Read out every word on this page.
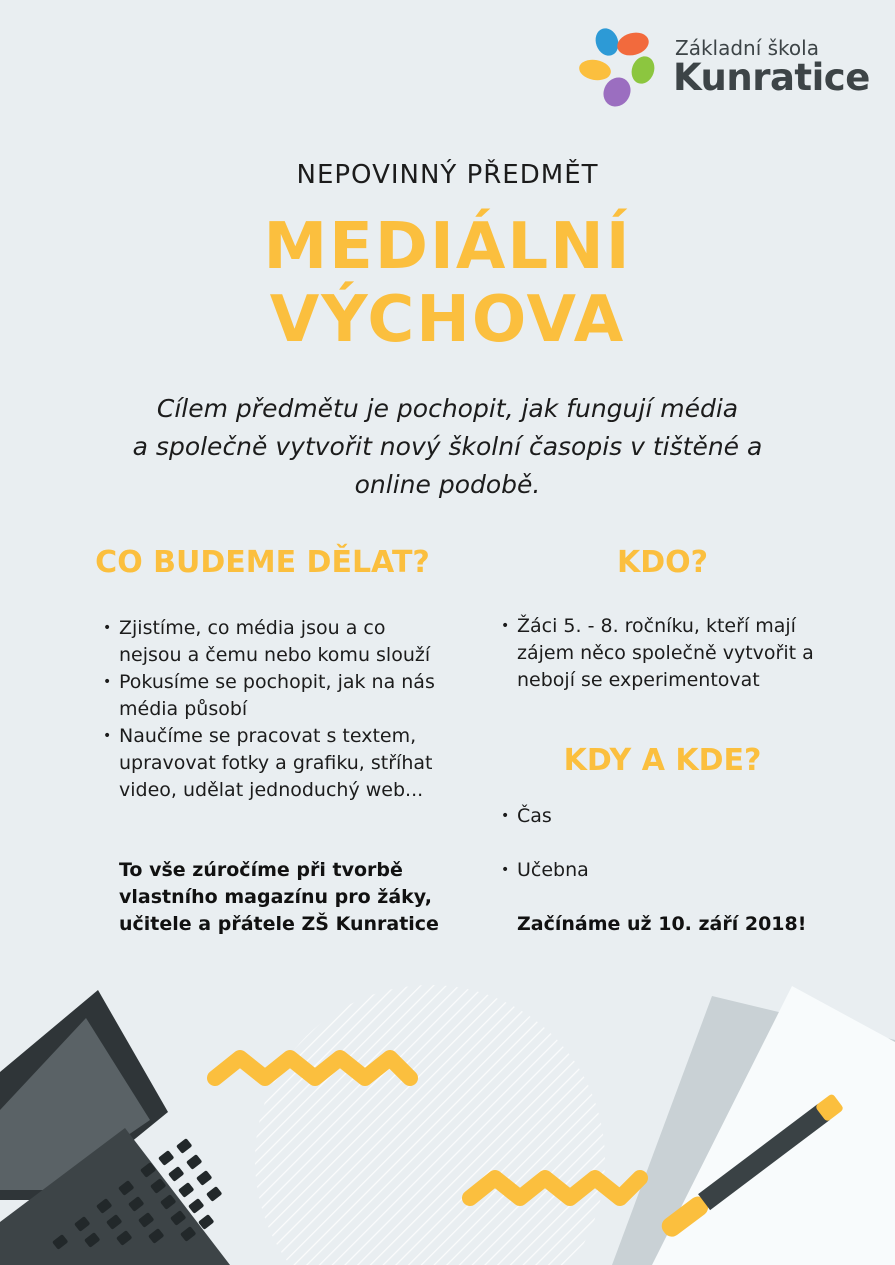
Základní škola
Kunratice
NEPOVINNÝ PŘEDMĚT
MEDIÁLNÍ
VÝCHOVA
Cílem předmětu je pochopit, jak fungují média
a společně vytvořit nový školní časopis v tištěné a
online podobě.
CO BUDEME DĚLAT?
• Zjistíme, co média jsou a co nejsou a čemu nebo komu slouží
• Pokusíme se pochopit, jak na nás média působí
• Naučíme se pracovat s textem, upravovat fotky a grafiku, stříhat video, udělat jednoduchý web...
To vše zúročíme při tvorbě vlastního magazínu pro žáky, učitele a přátele ZŠ Kunratice
KDO?
• Žáci 5. - 8. ročníku, kteří mají zájem něco společně vytvořit a nebojí se experimentovat
KDY A KDE?
• Čas
• Učebna
Začínáme už 10. září 2018!
